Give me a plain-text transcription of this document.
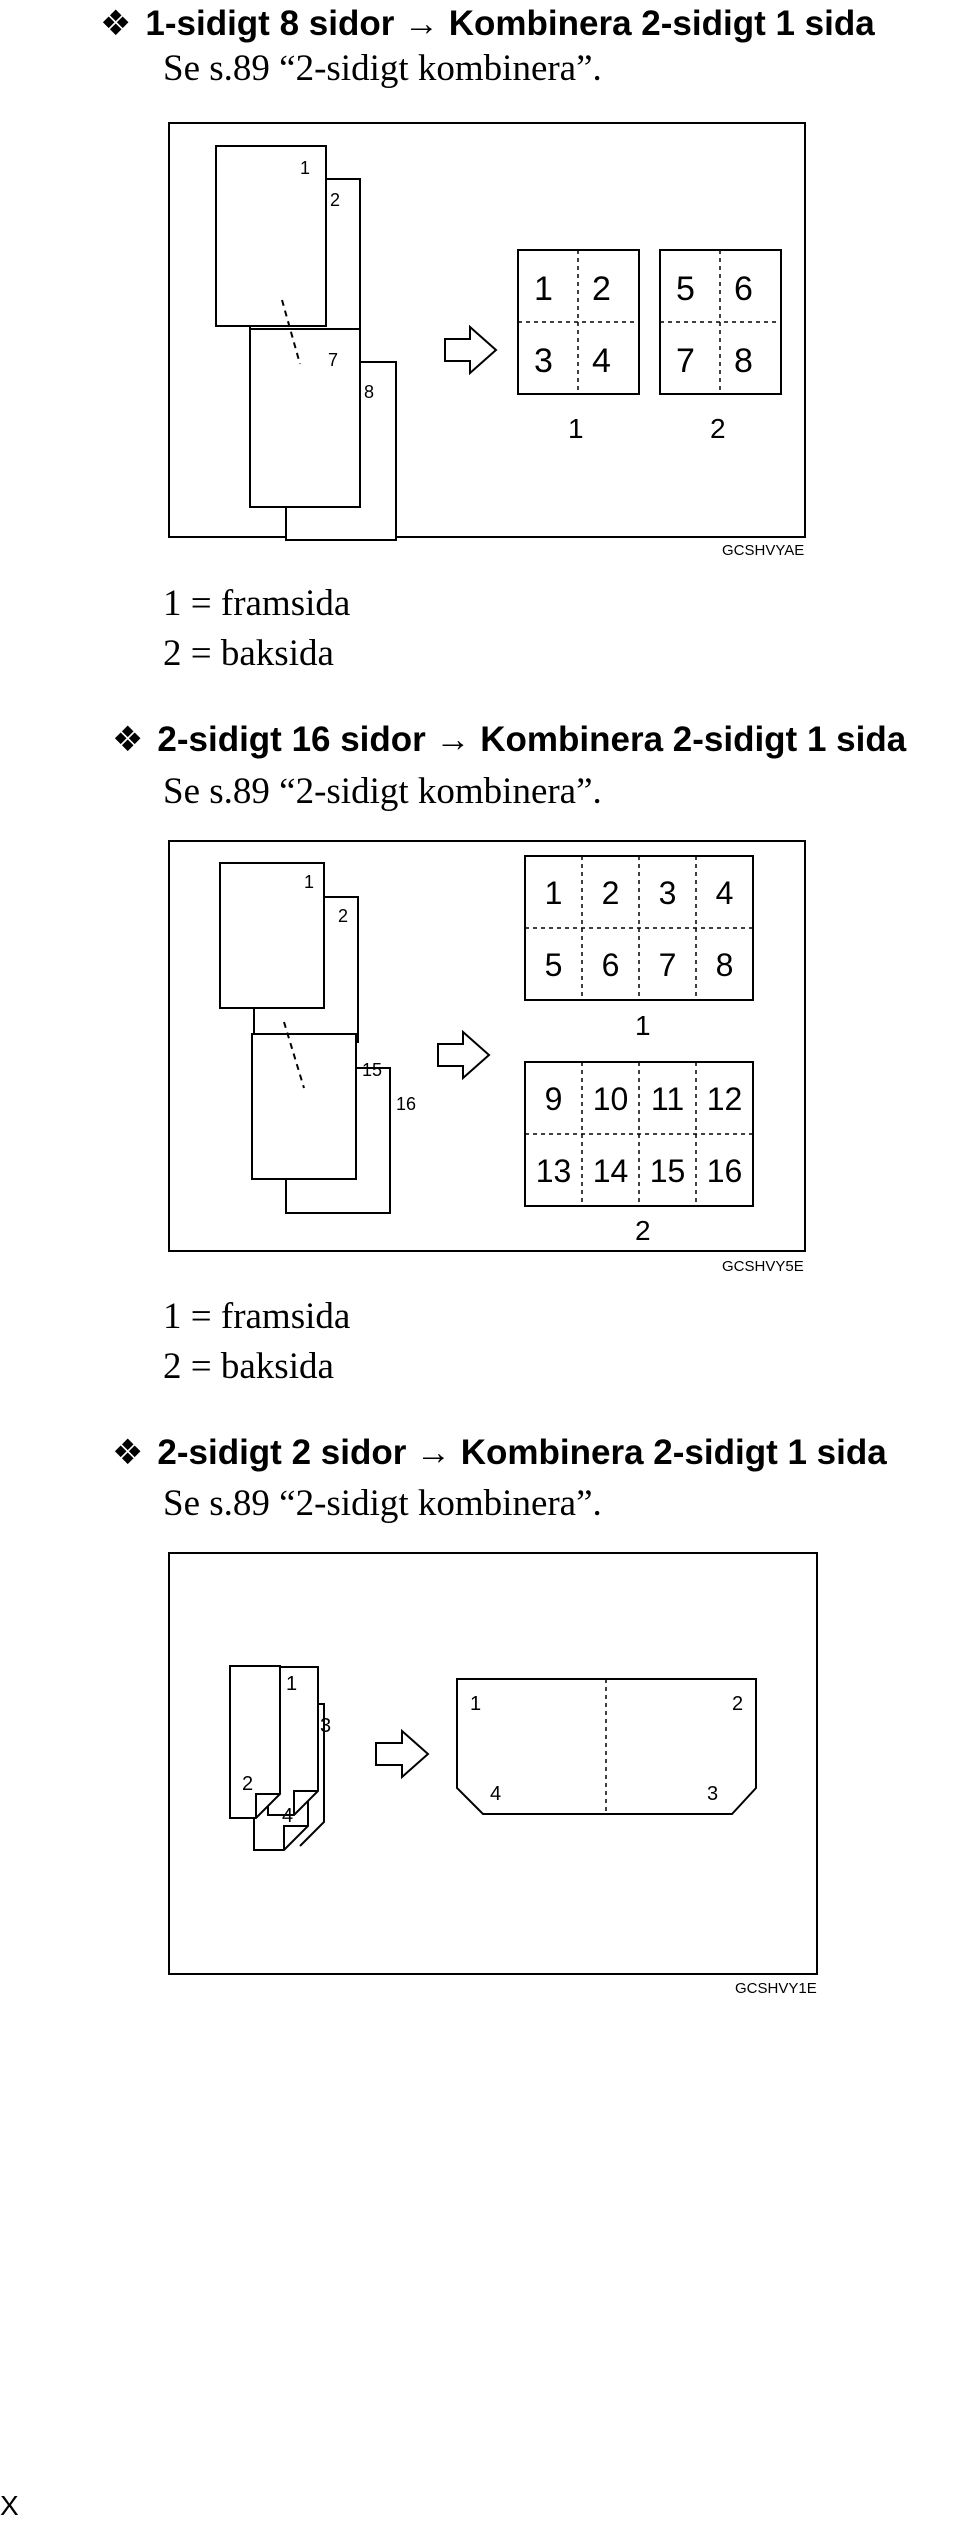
❖ 1-sidigt 8 sidor → Kombinera 2-sidigt 1 sida
Se s.89 “2-sidigt kombinera”.
1
2
7
8
1 2
3 4
1
5 6
7 8
2
GCSHVYAE
1 = framsida
2 = baksida
❖ 2-sidigt 16 sidor → Kombinera 2-sidigt 1 sida
Se s.89 “2-sidigt kombinera”.
1
2
15
16
1 2 3 4
5 6 7 8
9 10 11 12
13 14 15 16
1
2
GCSHVY5E
1 = framsida
2 = baksida
❖ 2-sidigt 2 sidor → Kombinera 2-sidigt 1 sida
Se s.89 “2-sidigt kombinera”.
1
3
2
4
1	2
4	3
GCSHVY1E
X
